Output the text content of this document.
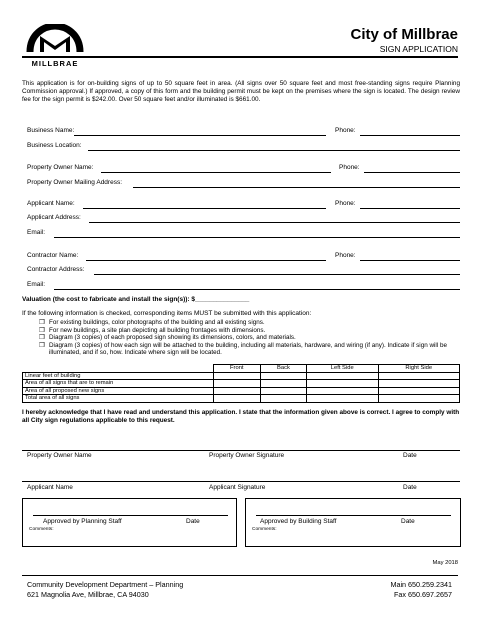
MILLBRAE
City of Millbrae
SIGN APPLICATION
This application is for on-building signs of up to 50 square feet in area. (All signs over 50 square feet and most free-standing signs require Planning Commission approval.) If approved, a copy of this form and the building permit must be kept on the premises where the sign is located. The design review fee for the sign permit is $242.00. Over 50 square feet and/or illuminated is $661.00.
Business Name:	Phone:
Business Location:
Property Owner Name:	Phone:
Property Owner Mailing Address:
Applicant Name:	Phone:
Applicant Address:
Email:
Contractor Name:	Phone:
Contractor Address:
Email:
Valuation (the cost to fabricate and install the sign(s)): $_______________
If the following information is checked, corresponding items MUST be submitted with this application:
❒ For existing buildings, color photographs of the building and all existing signs.
❒ For new buildings, a site plan depicting all building frontages with dimensions.
❒ Diagram (3 copies) of each proposed sign showing its dimensions, colors, and materials.
❒ Diagram (3 copies) of how each sign will be attached to the building, including all materials, hardware, and wiring (if any). Indicate if sign will be illuminated, and if so, how. Indicate where sign will be located.
	Front	Back	Left Side	Right Side
Linear feet of building				
Area of all signs that are to remain				
Area of all proposed new signs				
Total area of all signs				
I hereby acknowledge that I have read and understand this application. I state that the information given above is correct. I agree to comply with all City sign regulations applicable to this request.
Property Owner Name	Property Owner Signature	Date
Applicant Name	Applicant Signature	Date
Approved by Planning Staff	Date
Comments:
Approved by Building Staff	Date
Comments:
May 2018
Community Development Department – Planning
621 Magnolia Ave, Millbrae, CA 94030
Main 650.259.2341
Fax 650.697.2657
